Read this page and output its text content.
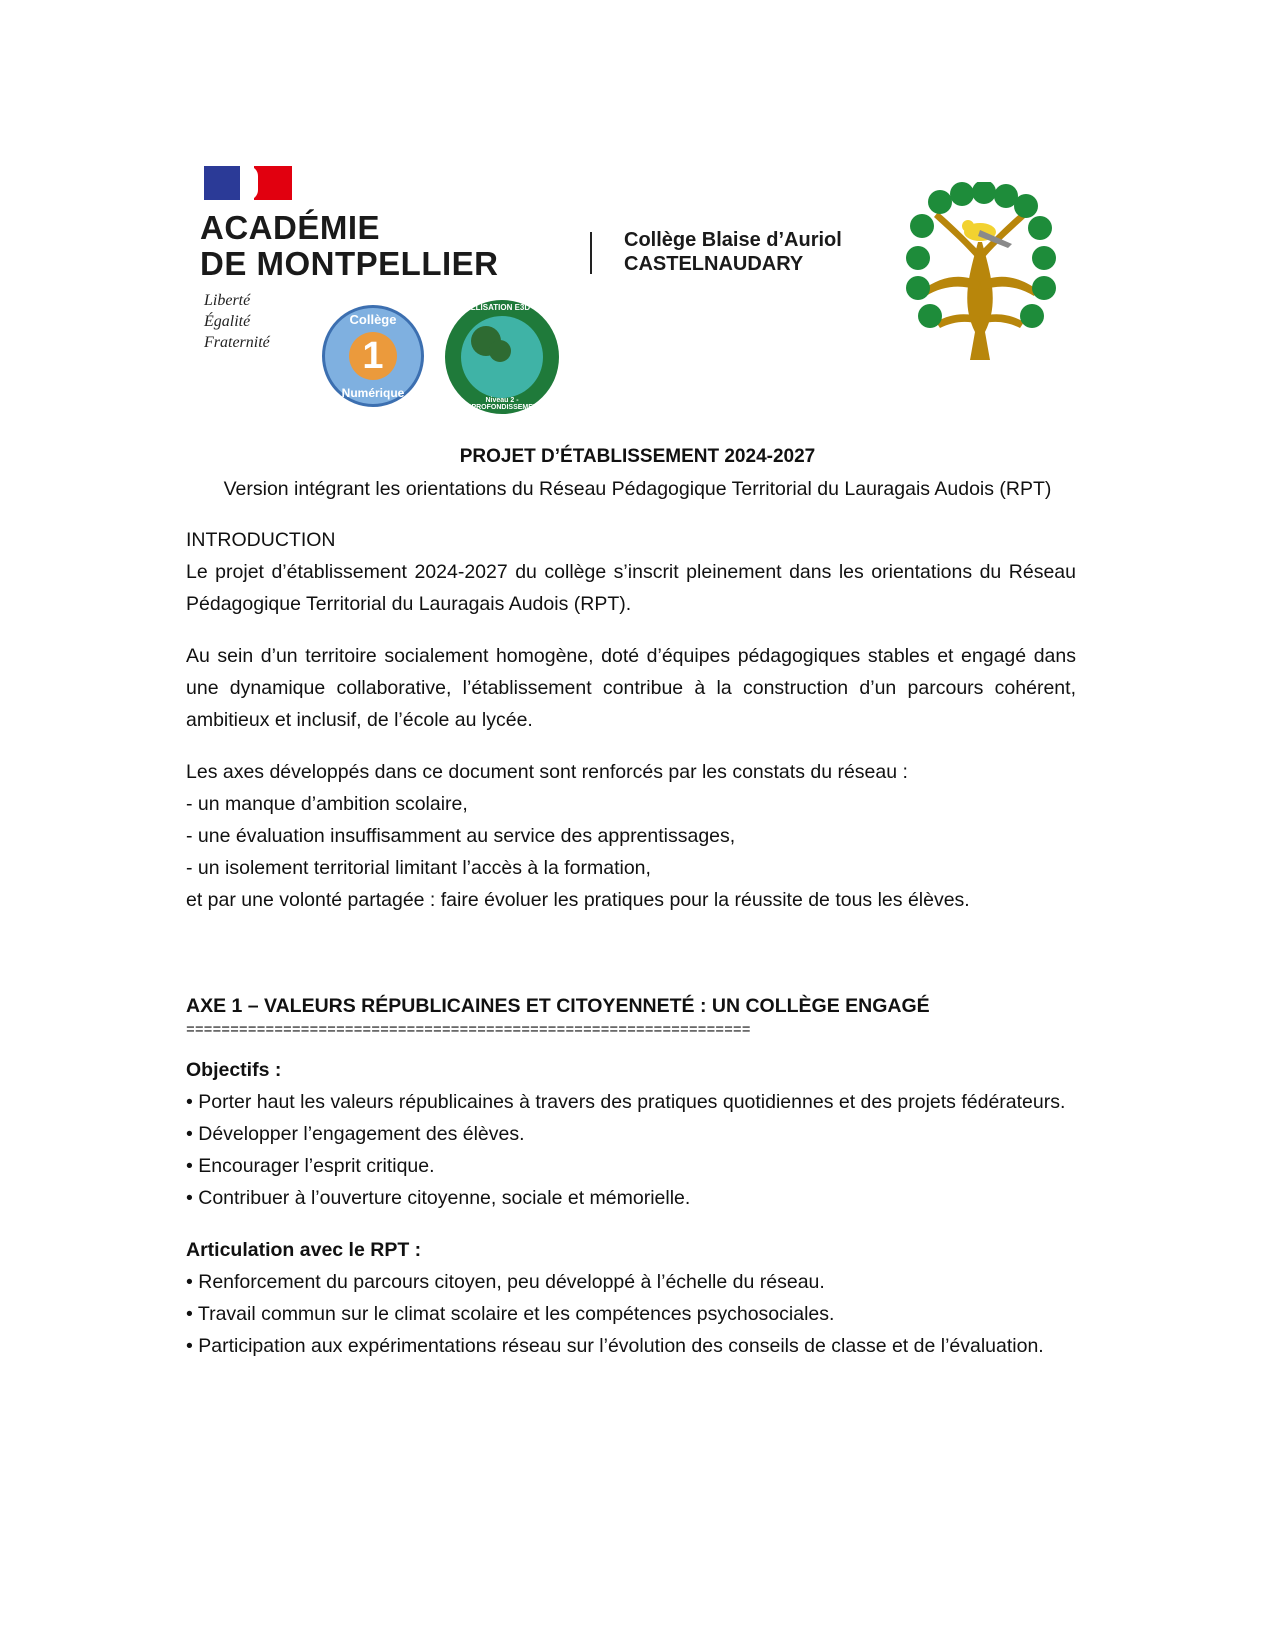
ACADÉMIE
DE MONTPELLIER
Liberté
Égalité
Fraternité
Collège Blaise d’Auriol
CASTELNAUDARY
Collège
1
Numérique
LABELLISATION E3D - 2025
Niveau 2 - APPROFONDISSEMENT
PROJET D’ÉTABLISSEMENT 2024-2027
Version intégrant les orientations du Réseau Pédagogique Territorial du Lauragais Audois (RPT)

INTRODUCTION

Le projet d’établissement 2024-2027 du collège s’inscrit pleinement dans les orientations du Réseau Pédagogique Territorial du Lauragais Audois (RPT).

Au sein d’un territoire socialement homogène, doté d’équipes pédagogiques stables et engagé dans une dynamique collaborative, l’établissement contribue à la construction d’un parcours cohérent, ambitieux et inclusif, de l’école au lycée.

Les axes développés dans ce document sont renforcés par les constats du réseau :

- un manque d’ambition scolaire,

- une évaluation insuffisamment au service des apprentissages,

- un isolement territorial limitant l’accès à la formation,

et par une volonté partagée : faire évoluer les pratiques pour la réussite de tous les élèves.

AXE 1 – VALEURS RÉPUBLICAINES ET CITOYENNETÉ : UN COLLÈGE ENGAGÉ
================================================================

Objectifs :

• Porter haut les valeurs républicaines à travers des pratiques quotidiennes et des projets fédérateurs.

• Développer l’engagement des élèves.

• Encourager l’esprit critique.

• Contribuer à l’ouverture citoyenne, sociale et mémorielle.

Articulation avec le RPT :

• Renforcement du parcours citoyen, peu développé à l’échelle du réseau.

• Travail commun sur le climat scolaire et les compétences psychosociales.

• Participation aux expérimentations réseau sur l’évolution des conseils de classe et de l’évaluation.
